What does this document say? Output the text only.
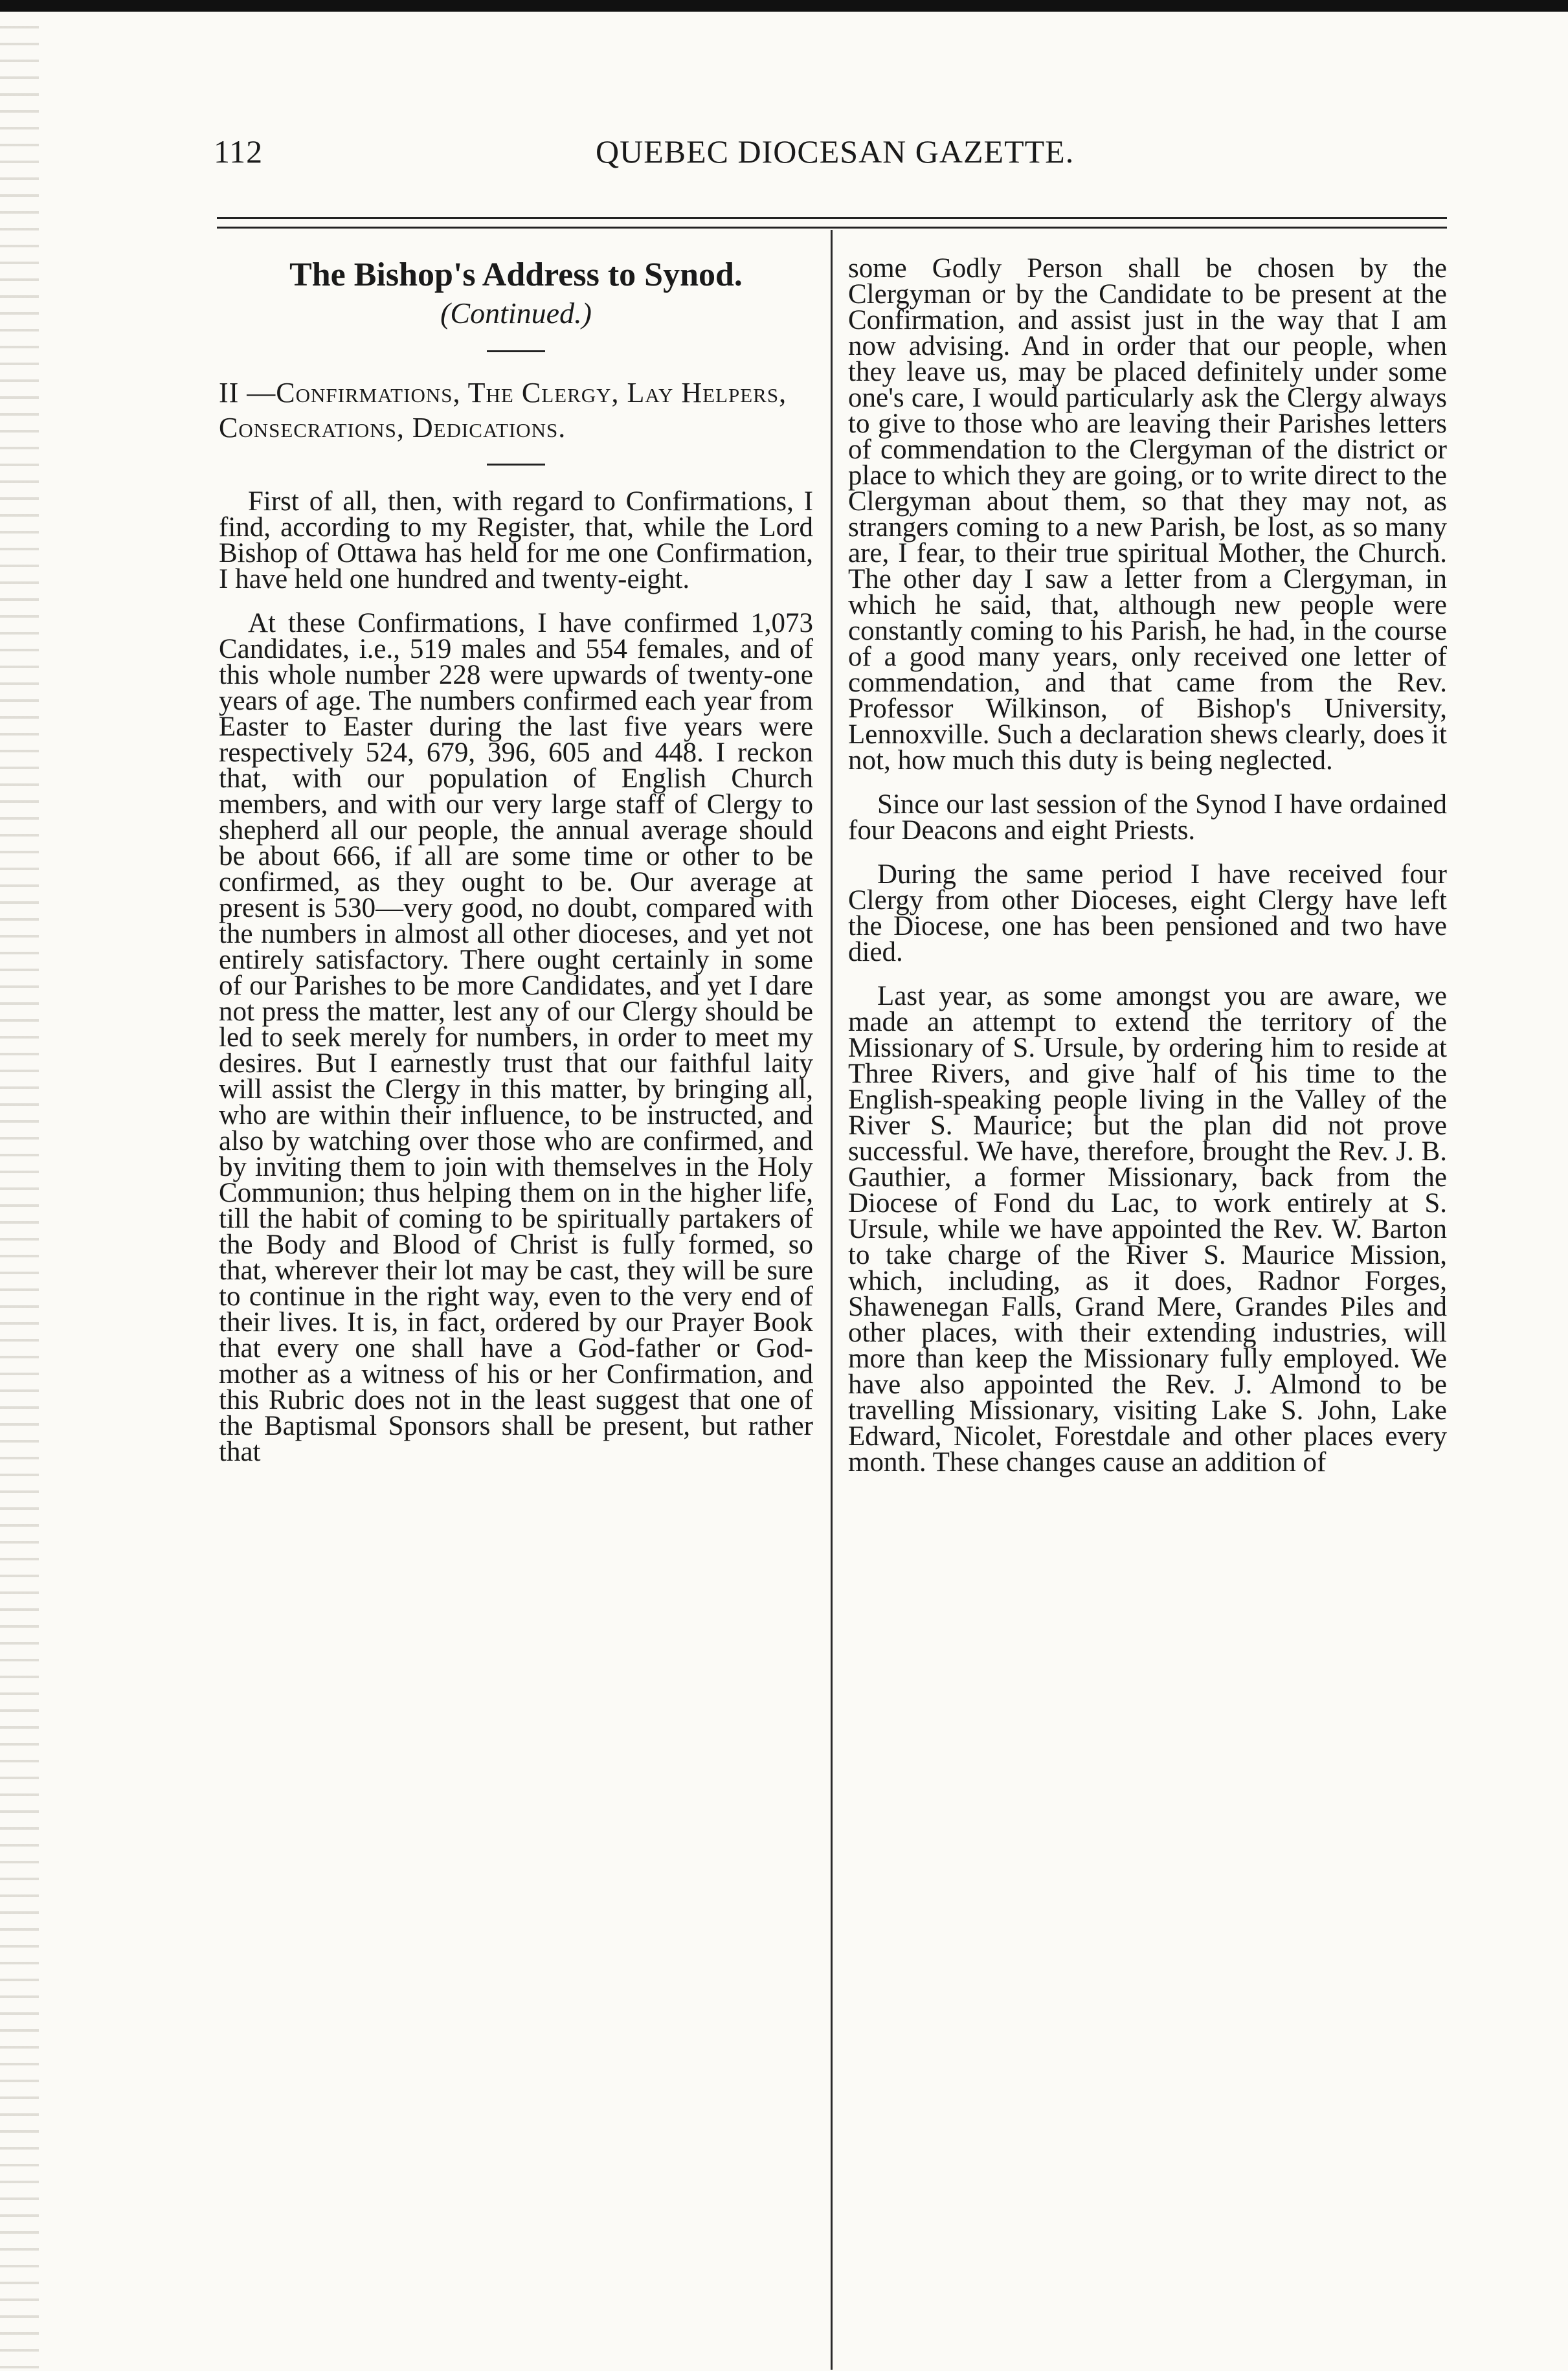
112	QUEBEC DIOCESAN GAZETTE.
The Bishop's Address to Synod.

(Continued.)

II —Confirmations, The Clergy, Lay Helpers, Consecrations, Dedications.

First of all, then, with regard to Confirmations, I find, according to my Register, that, while the Lord Bishop of Ottawa has held for me one Confirmation, I have held one hundred and twenty-eight.

At these Confirmations, I have confirmed 1,073 Candidates, i.e., 519 males and 554 females, and of this whole number 228 were upwards of twenty-one years of age. The numbers confirmed each year from Easter to Easter during the last five years were respectively 524, 679, 396, 605 and 448. I reckon that, with our population of English Church members, and with our very large staff of Clergy to shepherd all our people, the annual average should be about 666, if all are some time or other to be confirmed, as they ought to be. Our average at present is 530—very good, no doubt, compared with the numbers in almost all other dioceses, and yet not entirely satisfactory. There ought certainly in some of our Parishes to be more Candidates, and yet I dare not press the matter, lest any of our Clergy should be led to seek merely for numbers, in order to meet my desires. But I earnestly trust that our faithful laity will assist the Clergy in this matter, by bringing all, who are within their influence, to be instructed, and also by watching over those who are confirmed, and by inviting them to join with themselves in the Holy Communion; thus helping them on in the higher life, till the habit of coming to be spiritually partakers of the Body and Blood of Christ is fully formed, so that, wherever their lot may be cast, they will be sure to continue in the right way, even to the very end of their lives. It is, in fact, ordered by our Prayer Book that every one shall have a God-father or God-mother as a witness of his or her Confirmation, and this Rubric does not in the least suggest that one of the Baptismal Sponsors shall be present, but rather that

some Godly Person shall be chosen by the Clergyman or by the Candidate to be present at the Confirmation, and assist just in the way that I am now advising. And in order that our people, when they leave us, may be placed definitely under some one's care, I would particularly ask the Clergy always to give to those who are leaving their Parishes letters of commendation to the Clergyman of the district or place to which they are going, or to write direct to the Clergyman about them, so that they may not, as strangers coming to a new Parish, be lost, as so many are, I fear, to their true spiritual Mother, the Church. The other day I saw a letter from a Clergyman, in which he said, that, although new people were constantly coming to his Parish, he had, in the course of a good many years, only received one letter of commendation, and that came from the Rev. Professor Wilkinson, of Bishop's University, Lennoxville. Such a declaration shews clearly, does it not, how much this duty is being neglected.

Since our last session of the Synod I have ordained four Deacons and eight Priests.

During the same period I have received four Clergy from other Dioceses, eight Clergy have left the Diocese, one has been pensioned and two have died.

Last year, as some amongst you are aware, we made an attempt to extend the territory of the Missionary of S. Ursule, by ordering him to reside at Three Rivers, and give half of his time to the English-speaking people living in the Valley of the River S. Maurice; but the plan did not prove successful. We have, therefore, brought the Rev. J. B. Gauthier, a former Missionary, back from the Diocese of Fond du Lac, to work entirely at S. Ursule, while we have appointed the Rev. W. Barton to take charge of the River S. Maurice Mission, which, including, as it does, Radnor Forges, Shawenegan Falls, Grand Mere, Grandes Piles and other places, with their extending industries, will more than keep the Missionary fully employed. We have also appointed the Rev. J. Almond to be travelling Missionary, visiting Lake S. John, Lake Edward, Nicolet, Forestdale and other places every month. These changes cause an addition of
